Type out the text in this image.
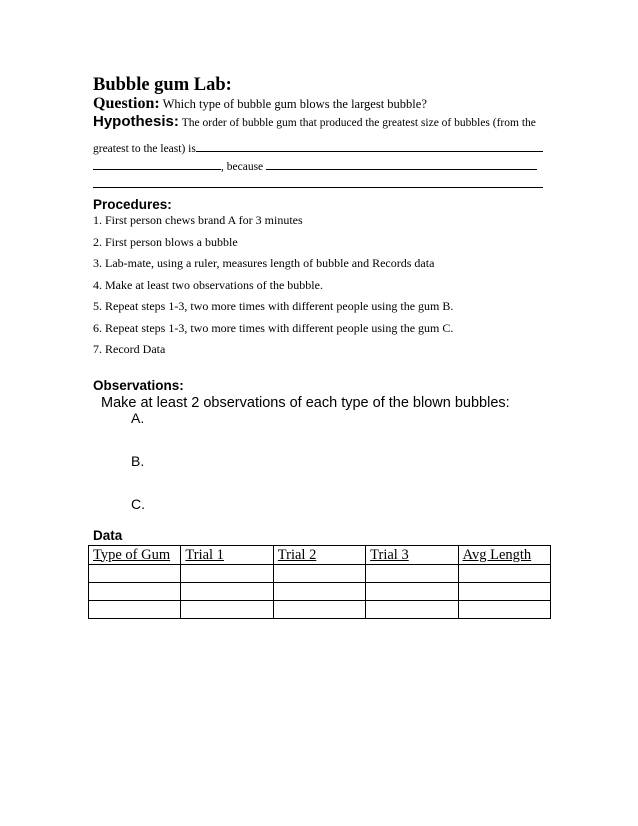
Bubble gum Lab:
Question: Which type of bubble gum blows the largest bubble?
Hypothesis: The order of bubble gum that produced the greatest size of bubbles (from the
greatest to the least) is
, because
Procedures:
1. First person chews brand A for 3 minutes
2. First person blows a bubble
3. Lab-mate, using a ruler, measures length of bubble and Records data
4. Make at least two observations of the bubble.
5. Repeat steps 1-3, two more times with different people using the gum B.
6. Repeat steps 1-3, two more times with different people using the gum C.
7. Record Data
Observations:
Make at least 2 observations of each type of the blown bubbles:
A.
B.
C.
Data
Type of Gum	Trial 1	Trial 2	Trial 3	Avg Length
